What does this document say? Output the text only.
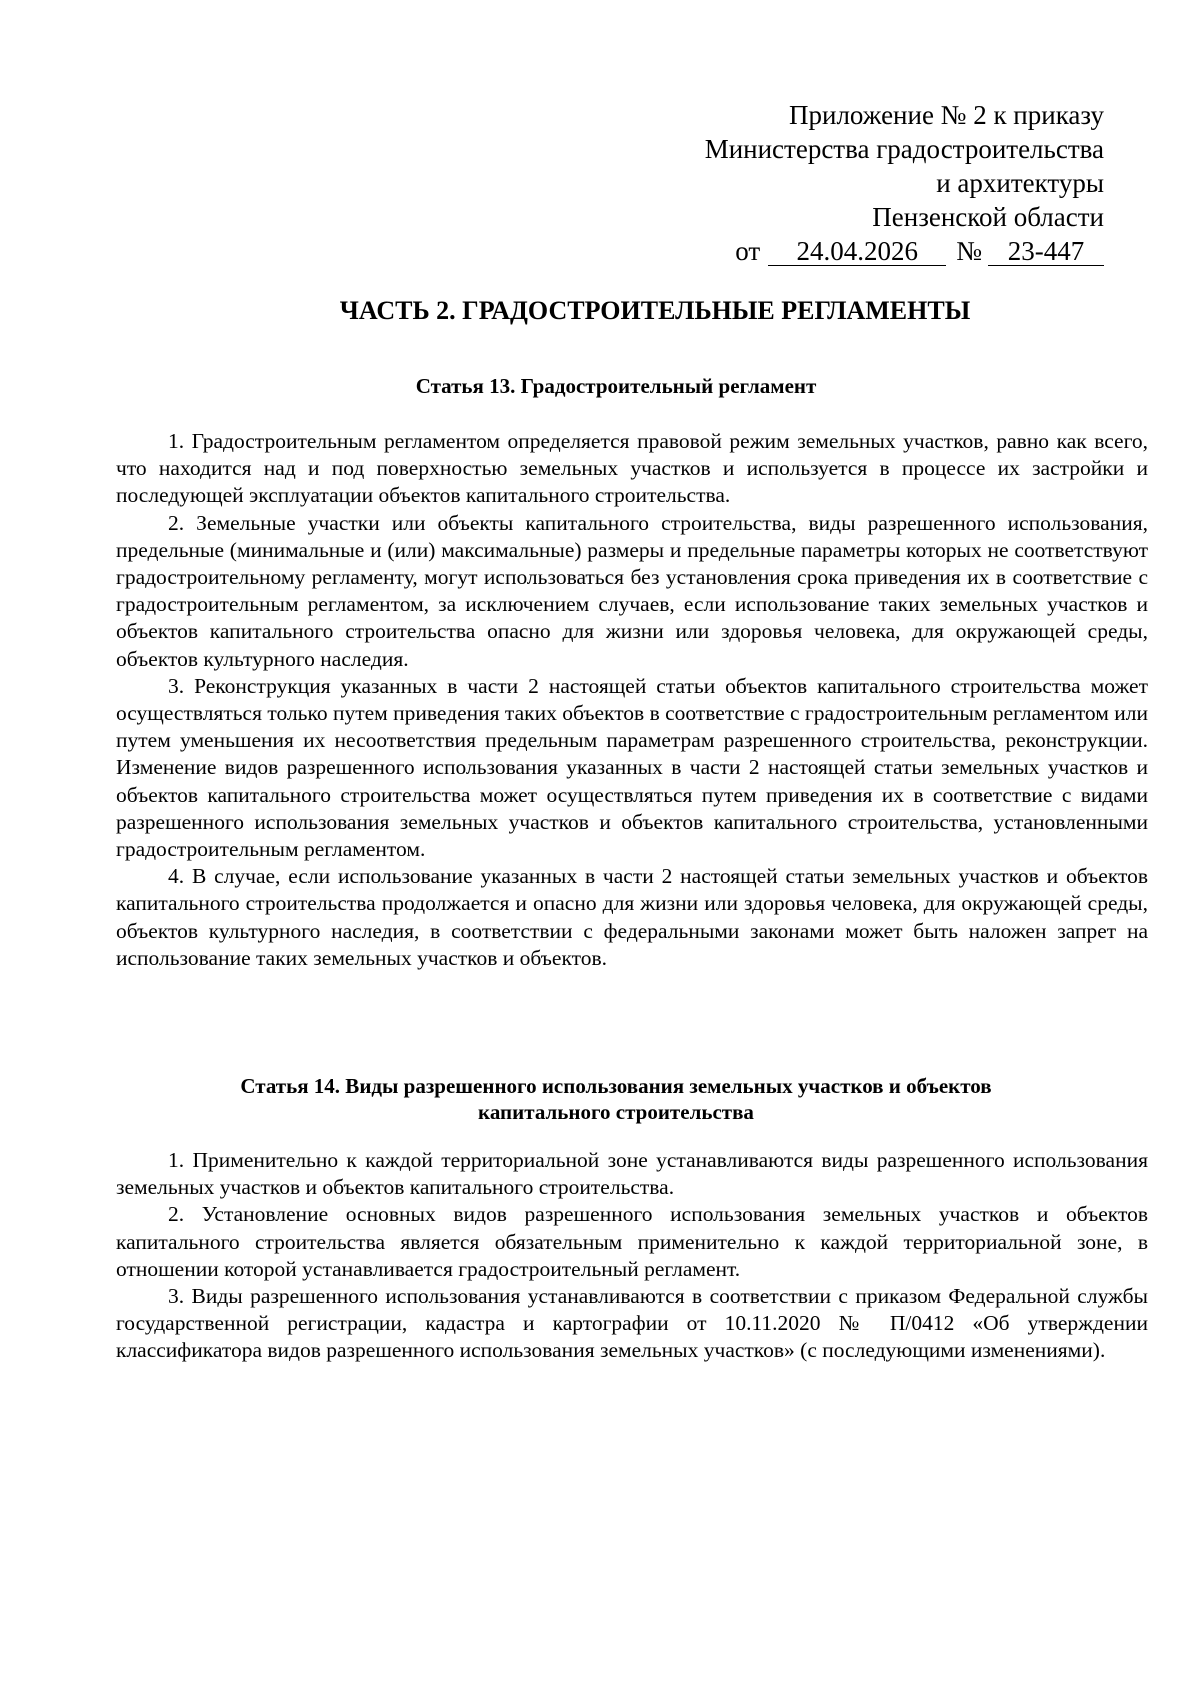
Приложение № 2 к приказу
Министерства градостроительства
и архитектуры
Пензенской области
от 24.04.2026 № 23-447
ЧАСТЬ 2. ГРАДОСТРОИТЕЛЬНЫЕ РЕГЛАМЕНТЫ
Статья 13. Градостроительный регламент

1. Градостроительным регламентом определяется правовой режим земельных участков, равно как всего, что находится над и под поверхностью земельных участков и используется в процессе их застройки и последующей эксплуатации объектов капитального строительства.

2. Земельные участки или объекты капитального строительства, виды разрешенного использования, предельные (минимальные и (или) максимальные) размеры и предельные параметры которых не соответствуют градостроительному регламенту, могут использоваться без установления срока приведения их в соответствие с градостроительным регламентом, за исключением случаев, если использование таких земельных участков и объектов капитального строительства опасно для жизни или здоровья человека, для окружающей среды, объектов культурного наследия.

3. Реконструкция указанных в части 2 настоящей статьи объектов капитального строительства может осуществляться только путем приведения таких объектов в соответствие с градостроительным регламентом или путем уменьшения их несоответствия предельным параметрам разрешенного строительства, реконструкции. Изменение видов разрешенного использования указанных в части 2 настоящей статьи земельных участков и объектов капитального строительства может осуществляться путем приведения их в соответствие с видами разрешенного использования земельных участков и объектов капитального строительства, установленными градостроительным регламентом.

4. В случае, если использование указанных в части 2 настоящей статьи земельных участков и объектов капитального строительства продолжается и опасно для жизни или здоровья человека, для окружающей среды, объектов культурного наследия, в соответствии с федеральными законами может быть наложен запрет на использование таких земельных участков и объектов.

Статья 14. Виды разрешенного использования земельных участков и объектов
капитального строительства

1. Применительно к каждой территориальной зоне устанавливаются виды разрешенного использования земельных участков и объектов капитального строительства.

2. Установление основных видов разрешенного использования земельных участков и объектов капитального строительства является обязательным применительно к каждой территориальной зоне, в отношении которой устанавливается градостроительный регламент.

3. Виды разрешенного использования устанавливаются в соответствии с приказом Федеральной службы государственной регистрации, кадастра и картографии от 10.11.2020 № П/0412 «Об утверждении классификатора видов разрешенного использования земельных участков» (с последующими изменениями).
